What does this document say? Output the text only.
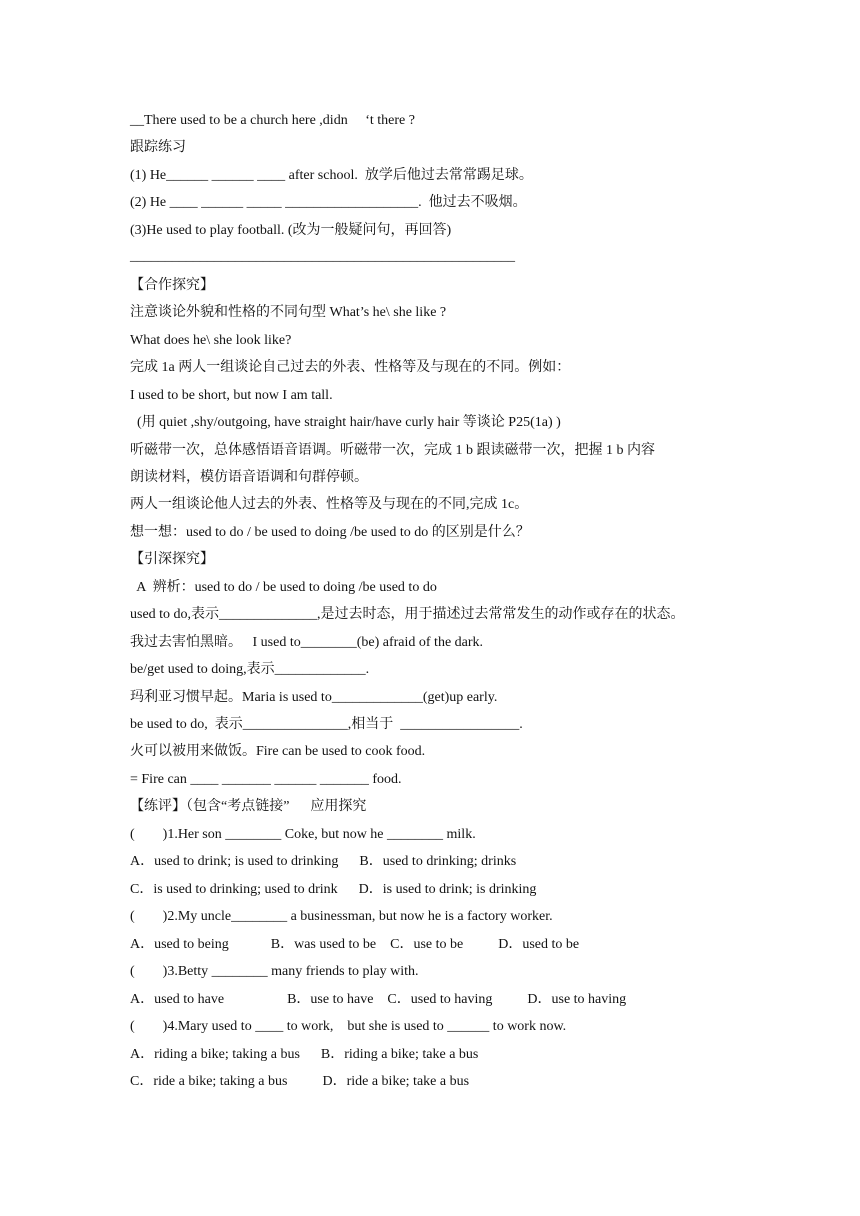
__There used to be a church here ,didn 　‘t there ?
跟踪练习
(1) He______ ______ ____ after school.  放学后他过去常常踢足球。
(2) He ____ ______ _____ ___________________.  他过去不吸烟。
(3)He used to play football. (改为一般疑问句，再回答)
_______________________________________________________
【合作探究】
注意谈论外貌和性格的不同句型 What’s he\ she like ?
What does he\ she look like?
完成 1a 两人一组谈论自己过去的外表、性格等及与现在的不同。例如：
I used to be short, but now I am tall.
(用 quiet ,shy/outgoing, have straight hair/have curly hair 等谈论 P25(1a) )
听磁带一次，总体感悟语音语调。听磁带一次，完成 1 b 跟读磁带一次，把握 1 b 内容
朗读材料，模仿语音语调和句群停顿。
两人一组谈论他人过去的外表、性格等及与现在的不同,完成 1c。
想一想：used to do / be used to doing /be used to do 的区别是什么？
【引深探究】
A  辨析：used to do / be used to doing /be used to do
used to do,表示______________,是过去时态，用于描述过去常常发生的动作或存在的状态。
我过去害怕黑暗。   I used to________(be) afraid of the dark.
be/get used to doing,表示_____________.
玛利亚习惯早起。Maria is used to_____________(get)up early.
be used to do,  表示_______________,相当于  _________________.
火可以被用来做饭。Fire can be used to cook food.
= Fire can ____ _______ ______ _______ food.
【练评】（包含“考点链接”      应用探究
(        )1.Her son ________ Coke, but now he ________ milk.
A．used to drink; is used to drinking      B．used to drinking; drinks
C．is used to drinking; used to drink      D．is used to drink; is drinking
(        )2.My uncle________ a businessman, but now he is a factory worker.
A．used to being            B．was used to be    C．use to be          D．used to be
(        )3.Betty ________ many friends to play with.
A．used to have                  B．use to have    C．used to having          D．use to having
(        )4.Mary used to ____ to work,    but she is used to ______ to work now.
A．riding a bike; taking a bus      B．riding a bike; take a bus
C．ride a bike; taking a bus          D．ride a bike; take a bus
